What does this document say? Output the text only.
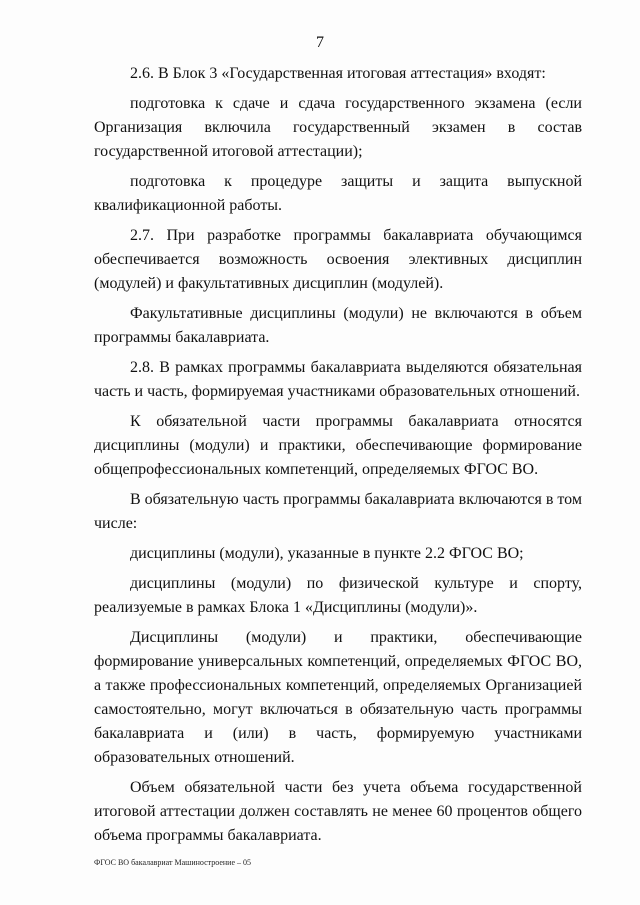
7

2.6. В Блок 3 «Государственная итоговая аттестация» входят:

подготовка к сдаче и сдача государственного экзамена (если Организация включила государственный экзамен в состав государственной итоговой аттестации);

подготовка к процедуре защиты и защита выпускной квалификационной работы.

2.7. При разработке программы бакалавриата обучающимся обеспечивается возможность освоения элективных дисциплин (модулей) и факультативных дисциплин (модулей).

Факультативные дисциплины (модули) не включаются в объем программы бакалавриата.

2.8. В рамках программы бакалавриата выделяются обязательная часть и часть, формируемая участниками образовательных отношений.

К обязательной части программы бакалавриата относятся дисциплины (модули) и практики, обеспечивающие формирование общепрофессиональных компетенций, определяемых ФГОС ВО.

В обязательную часть программы бакалавриата включаются в том числе:

дисциплины (модули), указанные в пункте 2.2 ФГОС ВО;

дисциплины (модули) по физической культуре и спорту, реализуемые в рамках Блока 1 «Дисциплины (модули)».

Дисциплины (модули) и практики, обеспечивающие формирование универсальных компетенций, определяемых ФГОС ВО, а также профессиональных компетенций, определяемых Организацией самостоятельно, могут включаться в обязательную часть программы бакалавриата и (или) в часть, формируемую участниками образовательных отношений.

Объем обязательной части без учета объема государственной итоговой аттестации должен составлять не менее 60 процентов общего объема программы бакалавриата.

ФГОС ВО бакалавриат Машиностроение – 05
